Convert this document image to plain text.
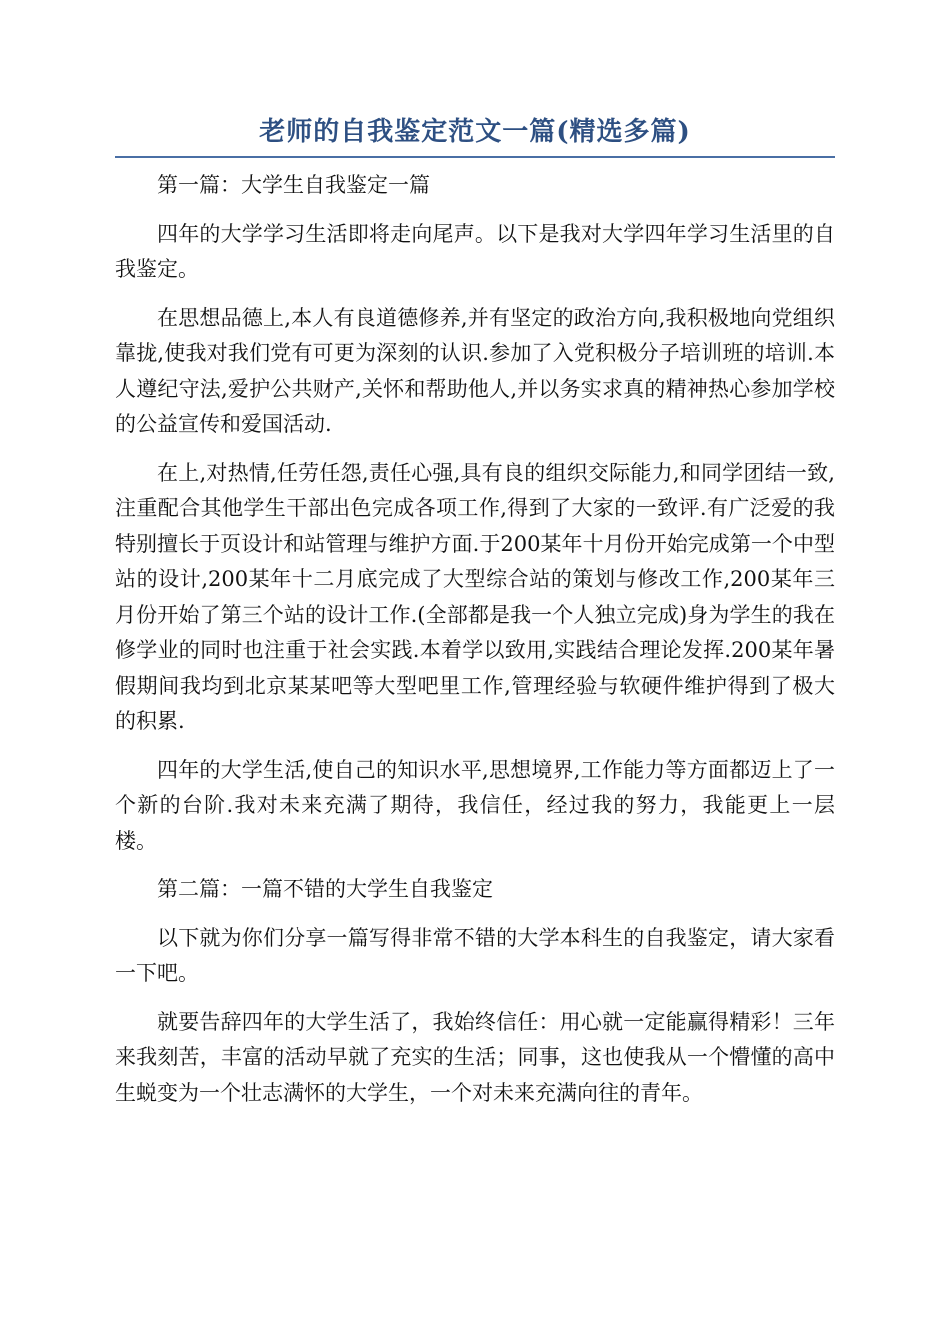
老师的自我鉴定范文一篇(精选多篇)

第一篇：大学生自我鉴定一篇

四年的大学学习生活即将走向尾声。以下是我对大学四年学习生活里的自我鉴定。

在思想品德上,本人有良道德修养,并有坚定的政治方向,我积极地向党组织靠拢,使我对我们党有可更为深刻的认识.参加了入党积极分子培训班的培训.本人遵纪守法,爱护公共财产,关怀和帮助他人,并以务实求真的精神热心参加学校的公益宣传和爱国活动.

在上,对热情,任劳任怨,责任心强,具有良的组织交际能力,和同学团结一致,注重配合其他学生干部出色完成各项工作,得到了大家的一致评.有广泛爱的我特别擅长于页设计和站管理与维护方面.于200某年十月份开始完成第一个中型站的设计,200某年十二月底完成了大型综合站的策划与修改工作,200某年三月份开始了第三个站的设计工作.(全部都是我一个人独立完成)身为学生的我在修学业的同时也注重于社会实践.本着学以致用,实践结合理论发挥.200某年暑假期间我均到北京某某吧等大型吧里工作,管理经验与软硬件维护得到了极大的积累.

四年的大学生活,使自己的知识水平,思想境界,工作能力等方面都迈上了一个新的台阶.我对未来充满了期待，我信任，经过我的努力，我能更上一层楼。

第二篇：一篇不错的大学生自我鉴定

以下就为你们分享一篇写得非常不错的大学本科生的自我鉴定，请大家看一下吧。

就要告辞四年的大学生活了，我始终信任：用心就一定能赢得精彩！三年来我刻苦，丰富的活动早就了充实的生活；同事，这也使我从一个懵懂的高中生蜕变为一个壮志满怀的大学生，一个对未来充满向往的青年。
